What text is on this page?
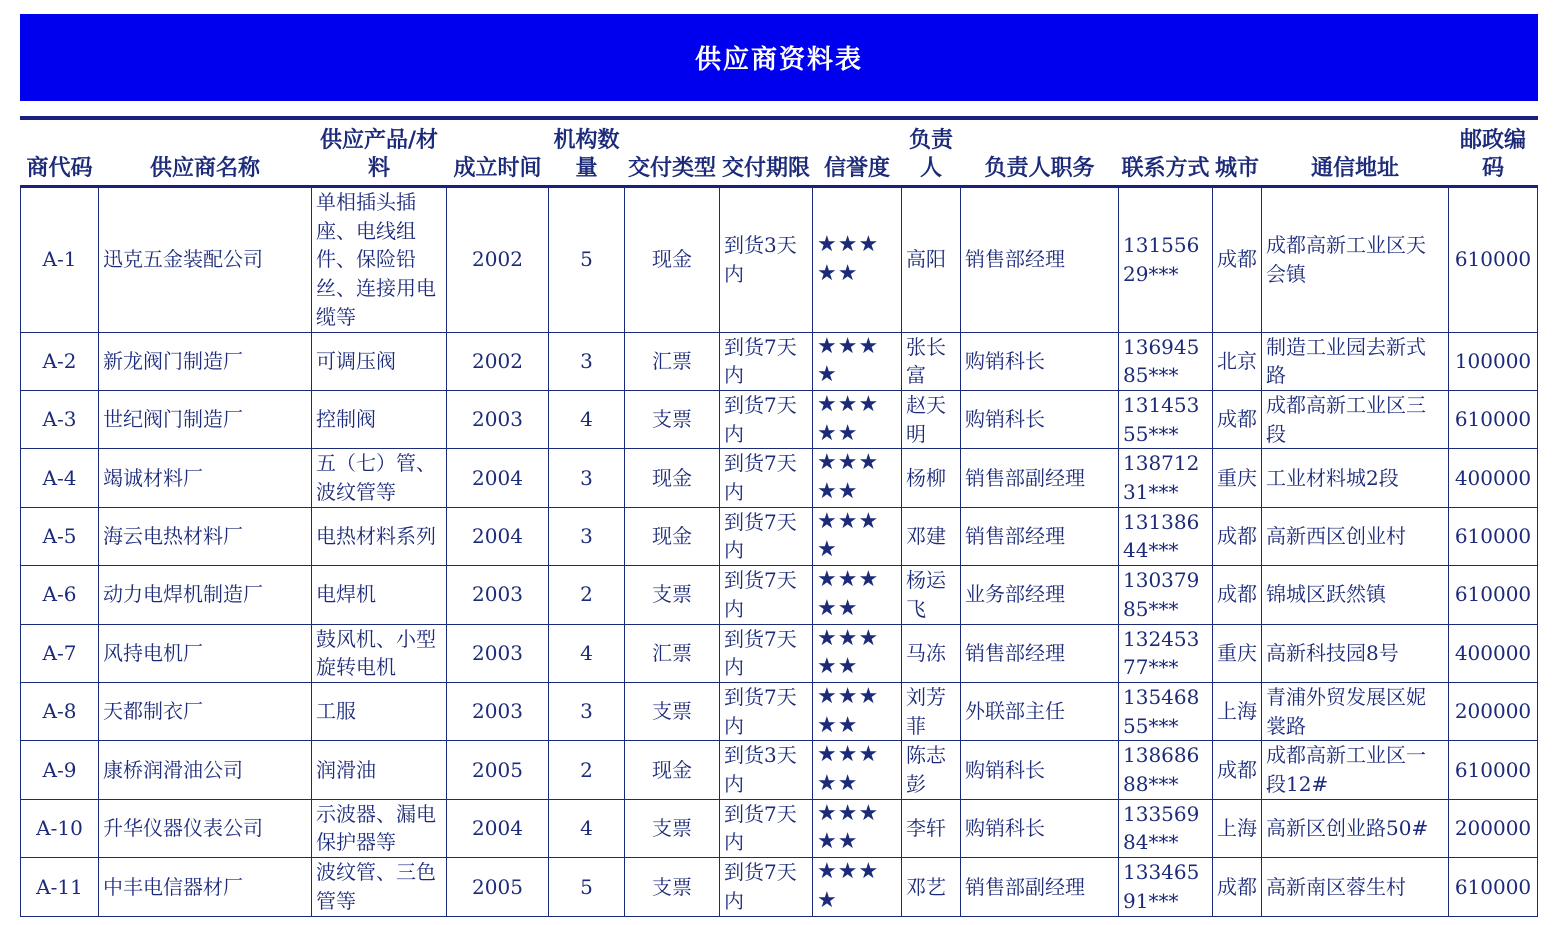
供应商资料表
商代码	供应商名称	供应产品/材料	成立时间	机构数量	交付类型	交付期限	信誉度	负责人	负责人职务	联系方式	城市	通信地址	邮政编码
A-1	迅克五金装配公司	单相插头插座、电线组件、保险铅丝、连接用电缆等	2002	5	现金	到货3天内	★★★★★	高阳	销售部经理	13155629***	成都	成都高新工业区天会镇	610000
A-2	新龙阀门制造厂	可调压阀	2002	3	汇票	到货7天内	★★★★	张长富	购销科长	13694585***	北京	制造工业园去新式路	100000
A-3	世纪阀门制造厂	控制阀	2003	4	支票	到货7天内	★★★★★	赵天明	购销科长	13145355***	成都	成都高新工业区三段	610000
A-4	竭诚材料厂	五（七）管、波纹管等	2004	3	现金	到货7天内	★★★★★	杨柳	销售部副经理	13871231***	重庆	工业材料城2段	400000
A-5	海云电热材料厂	电热材料系列	2004	3	现金	到货7天内	★★★★	邓建	销售部经理	13138644***	成都	高新西区创业村	610000
A-6	动力电焊机制造厂	电焊机	2003	2	支票	到货7天内	★★★★★	杨运飞	业务部经理	13037985***	成都	锦城区跃然镇	610000
A-7	风持电机厂	鼓风机、小型旋转电机	2003	4	汇票	到货7天内	★★★★★	马冻	销售部经理	13245377***	重庆	高新科技园8号	400000
A-8	天都制衣厂	工服	2003	3	支票	到货7天内	★★★★★	刘芳菲	外联部主任	13546855***	上海	青浦外贸发展区妮裳路	200000
A-9	康桥润滑油公司	润滑油	2005	2	现金	到货3天内	★★★★★	陈志彭	购销科长	13868688***	成都	成都高新工业区一段12#	610000
A-10	升华仪器仪表公司	示波器、漏电保护器等	2004	4	支票	到货7天内	★★★★★	李轩	购销科长	13356984***	上海	高新区创业路50#	200000
A-11	中丰电信器材厂	波纹管、三色管等	2005	5	支票	到货7天内	★★★★	邓艺	销售部副经理	13346591***	成都	高新南区蓉生村	610000
